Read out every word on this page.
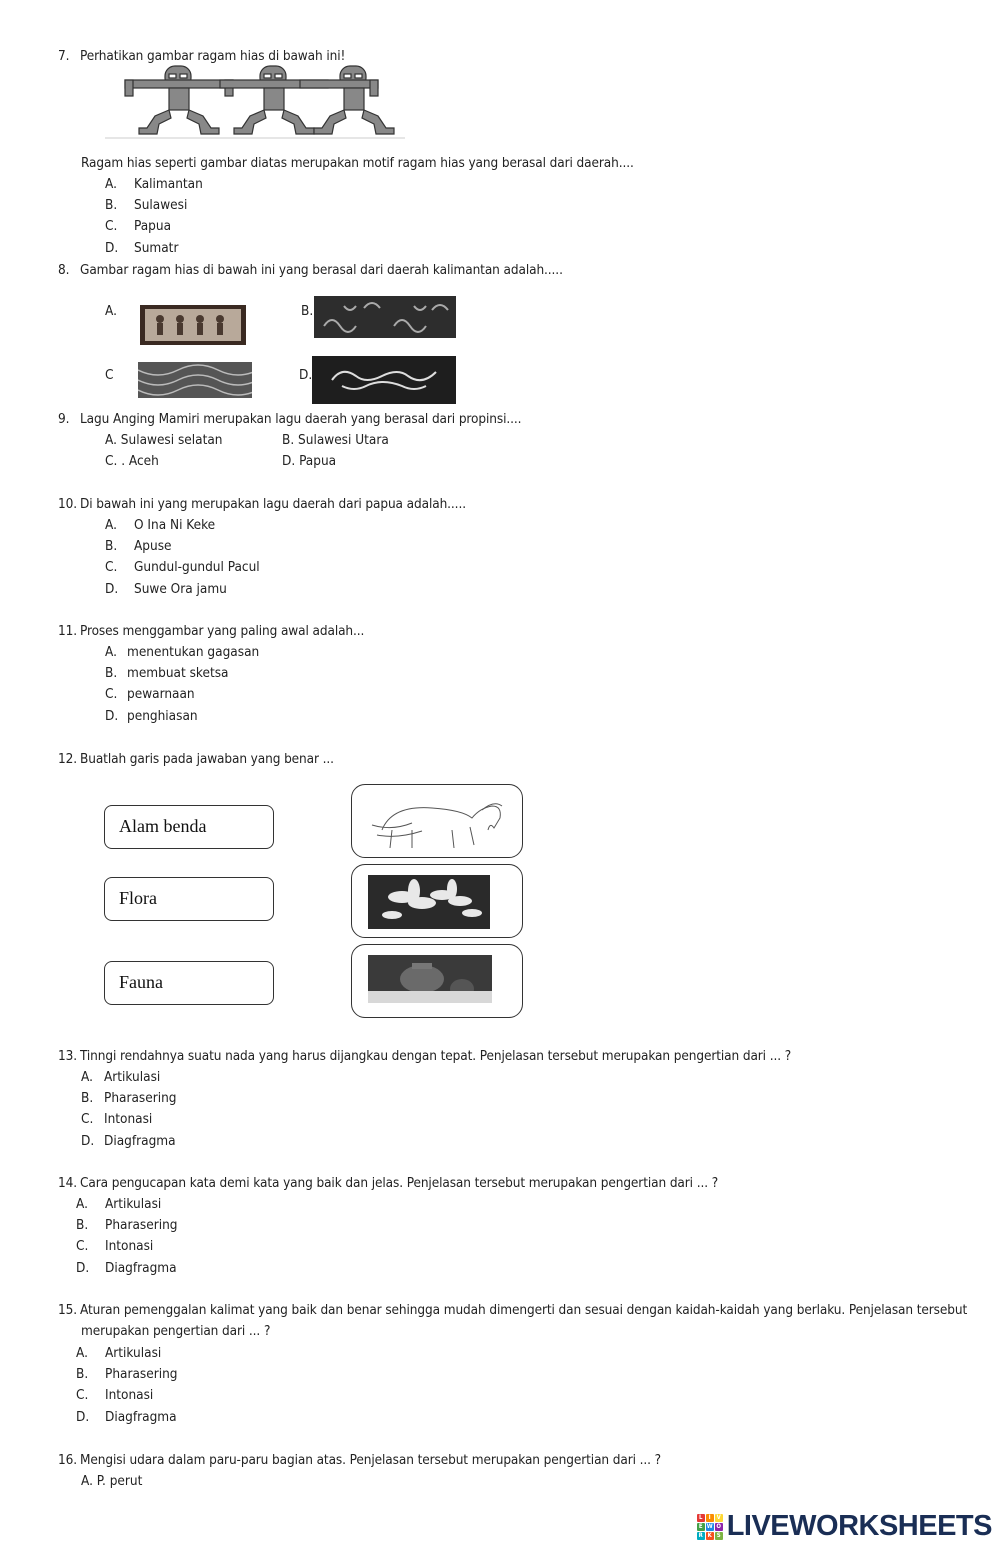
7. Perhatikan gambar ragam hias di bawah ini!
Ragam hias seperti gambar diatas merupakan motif ragam hias yang berasal dari daerah....
A. Kalimantan
B. Sulawesi
C. Papua
D. Sumatr
8. Gambar ragam hias di bawah ini yang berasal dari daerah kalimantan adalah.....
A.	B.
C	D.
9. Lagu Anging Mamiri merupakan lagu daerah yang berasal dari propinsi....
A. Sulawesi selatan	B. Sulawesi Utara
C. . Aceh	D. Papua
10. Di bawah ini yang merupakan lagu daerah dari papua adalah.....
A. O Ina Ni Keke
B. Apuse
C. Gundul-gundul Pacul
D. Suwe Ora jamu
11. Proses menggambar yang paling awal adalah...
A. menentukan gagasan
B. membuat sketsa
C. pewarnaan
D. penghiasan
12. Buatlah garis pada jawaban yang benar ...
Alam benda
Flora
Fauna
13. Tinngi rendahnya suatu nada yang harus dijangkau dengan tepat. Penjelasan tersebut merupakan pengertian dari ... ?
A. Artikulasi
B. Pharasering
C. Intonasi
D. Diagfragma
14. Cara pengucapan kata demi kata yang baik dan jelas. Penjelasan tersebut merupakan pengertian dari ... ?
A. Artikulasi
B. Pharasering
C. Intonasi
D. Diagfragma
15. Aturan pemenggalan kalimat yang baik dan benar sehingga mudah dimengerti dan sesuai dengan kaidah-kaidah yang berlaku. Penjelasan tersebut
merupakan pengertian dari ... ?
A. Artikulasi
B. Pharasering
C. Intonasi
D. Diagfragma
16. Mengisi udara dalam paru-paru bagian atas. Penjelasan tersebut merupakan pengertian dari ... ?
A. P. perut
L	I V
E W O
R K S LIVEWORKSHEETS
